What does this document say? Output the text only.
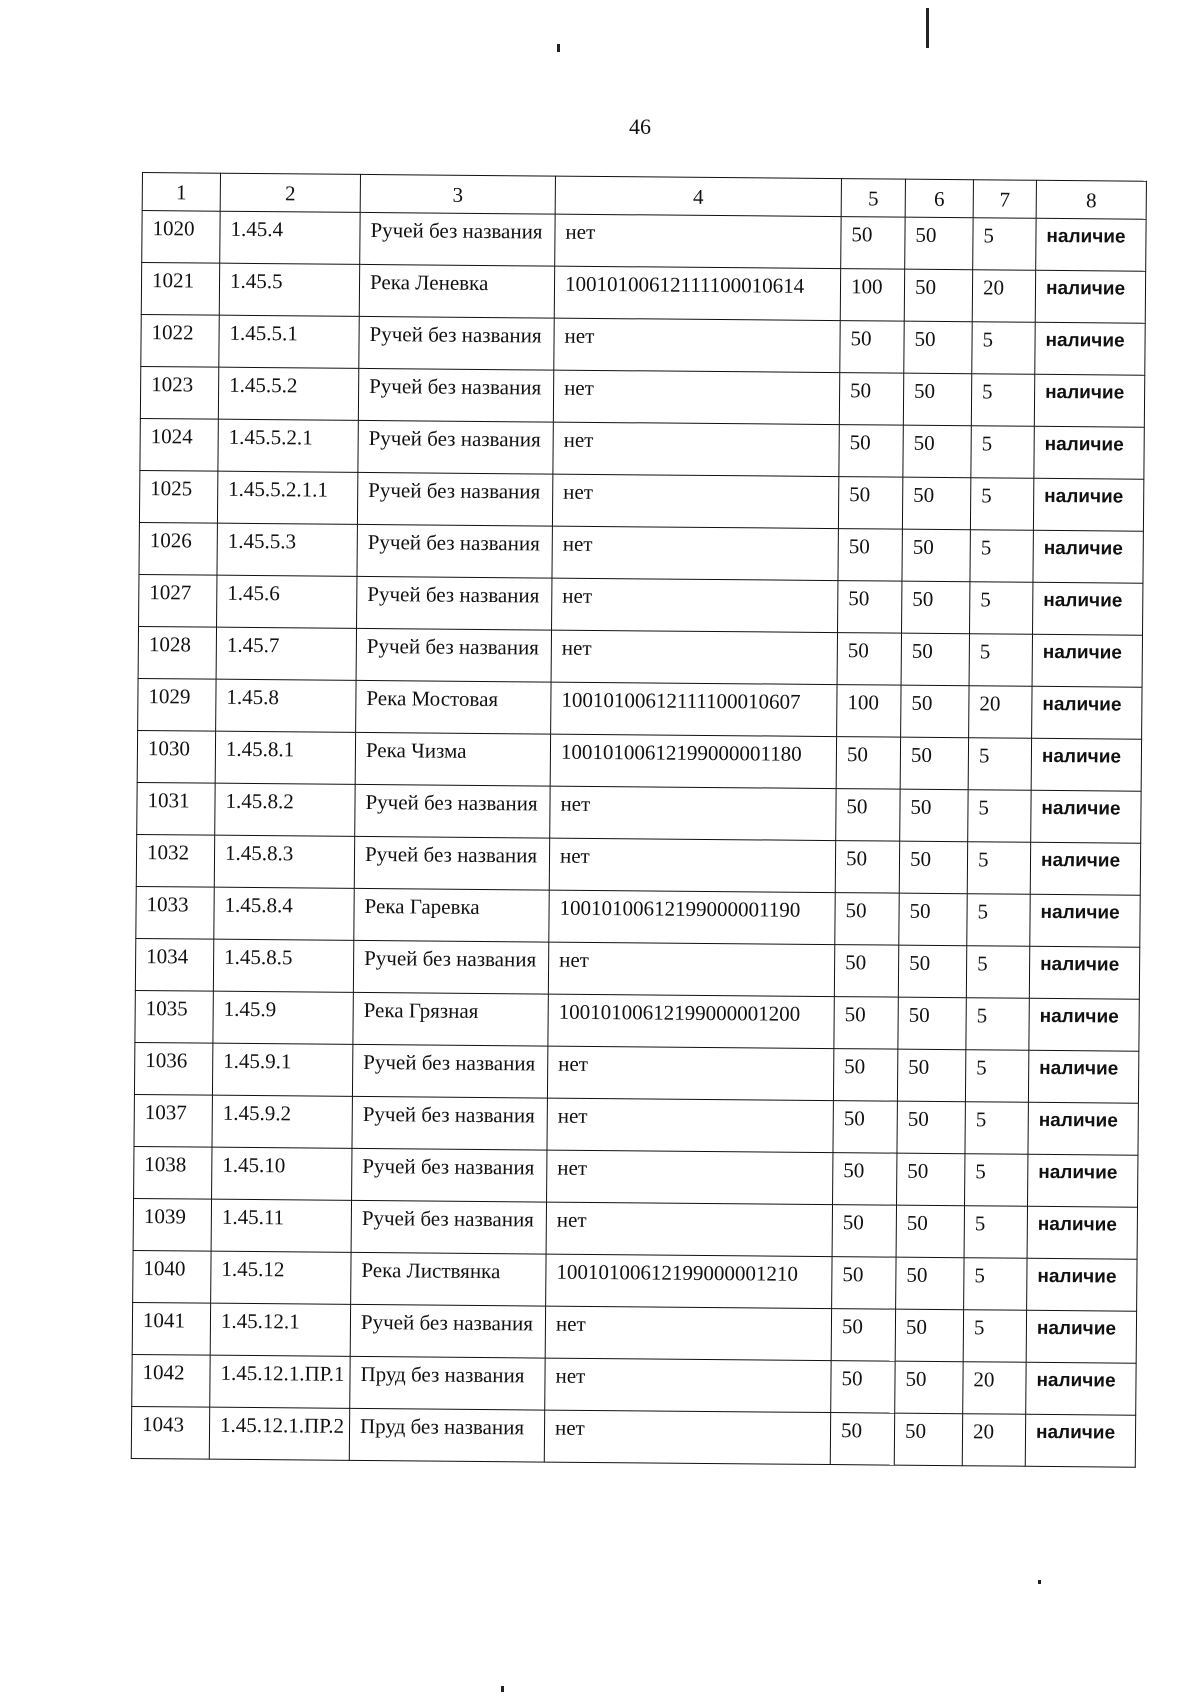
46
1	2	3	4	5	6	7	8
1020	1.45.4	Ручей без названия	нет	50	50	5	наличие
1021	1.45.5	Река Леневка	10010100612111100010614	100	50	20	наличие
1022	1.45.5.1	Ручей без названия	нет	50	50	5	наличие
1023	1.45.5.2	Ручей без названия	нет	50	50	5	наличие
1024	1.45.5.2.1	Ручей без названия	нет	50	50	5	наличие
1025	1.45.5.2.1.1	Ручей без названия	нет	50	50	5	наличие
1026	1.45.5.3	Ручей без названия	нет	50	50	5	наличие
1027	1.45.6	Ручей без названия	нет	50	50	5	наличие
1028	1.45.7	Ручей без названия	нет	50	50	5	наличие
1029	1.45.8	Река Мостовая	10010100612111100010607	100	50	20	наличие
1030	1.45.8.1	Река Чизма	10010100612199000001180	50	50	5	наличие
1031	1.45.8.2	Ручей без названия	нет	50	50	5	наличие
1032	1.45.8.3	Ручей без названия	нет	50	50	5	наличие
1033	1.45.8.4	Река Гаревка	10010100612199000001190	50	50	5	наличие
1034	1.45.8.5	Ручей без названия	нет	50	50	5	наличие
1035	1.45.9	Река Грязная	10010100612199000001200	50	50	5	наличие
1036	1.45.9.1	Ручей без названия	нет	50	50	5	наличие
1037	1.45.9.2	Ручей без названия	нет	50	50	5	наличие
1038	1.45.10	Ручей без названия	нет	50	50	5	наличие
1039	1.45.11	Ручей без названия	нет	50	50	5	наличие
1040	1.45.12	Река Листвянка	10010100612199000001210	50	50	5	наличие
1041	1.45.12.1	Ручей без названия	нет	50	50	5	наличие
1042	1.45.12.1.ПР.1	Пруд без названия	нет	50	50	20	наличие
1043	1.45.12.1.ПР.2	Пруд без названия	нет	50	50	20	наличие
